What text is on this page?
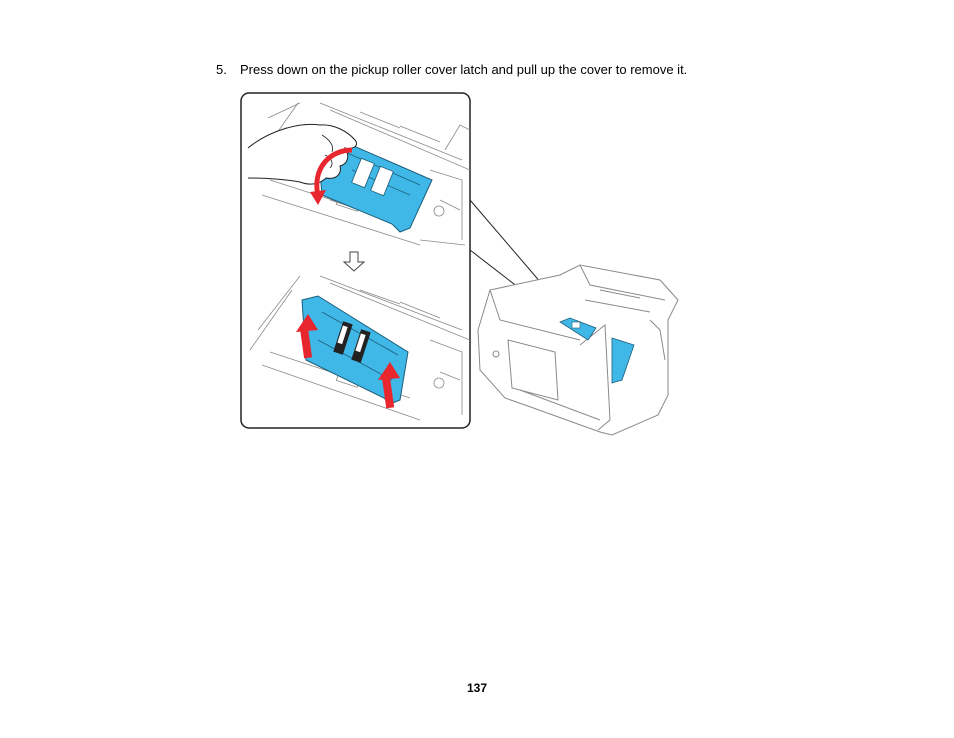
5. Press down on the pickup roller cover latch and pull up the cover to remove it.
137
